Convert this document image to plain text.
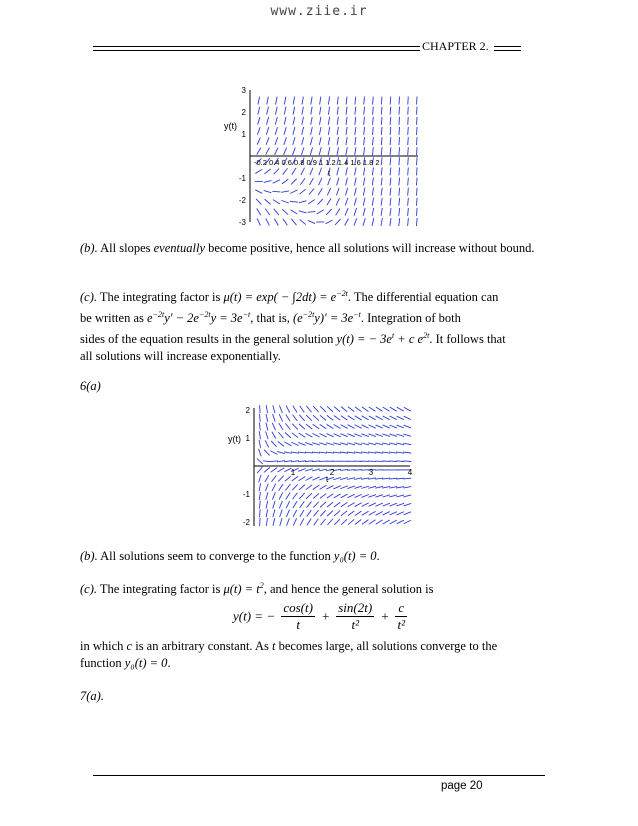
www.ziie.ir
CHAPTER 2.
3
2
1
-1
-2
-3
-0.2 0.4 0.6 0.8 0.9 1 1.2 1.4 1.6 1.8 2
y(t)
t
(b). All slopes eventually become positive, hence all solutions will increase without bound.
(c). The integrating factor is $\mu(t) = \exp( - \int 2dt) = e^{-2t}$. The differential equation can
be written as $e^{-2t}y' - 2e^{-2t}y = 3e^{-t}$, that is, $(e^{-2t}y)' = 3e^{-t}$. Integration of both
sides of the equation results in the general solution y(t) = − $3e^t + c$ $e^{2t}$. It follows that
all solutions will increase exponentially.
6(a)
2
1
-1
-2
1	2	3	4
y(t)
t
(b). All solutions seem to converge to the function y₀(t) = 0.
(c). The integrating factor is $\mu(t) = t^2$, and hence the general solution is
y(t) = − $\frac{\cos(t)}{t} + \frac{\sin(2t)}{\text{t²}} + \frac{c}{\text{t²}}$
in which c is an arbitrary constant. As t becomes large, all solutions converge to the
function y₀(t) = 0.
7(a).
page 20
